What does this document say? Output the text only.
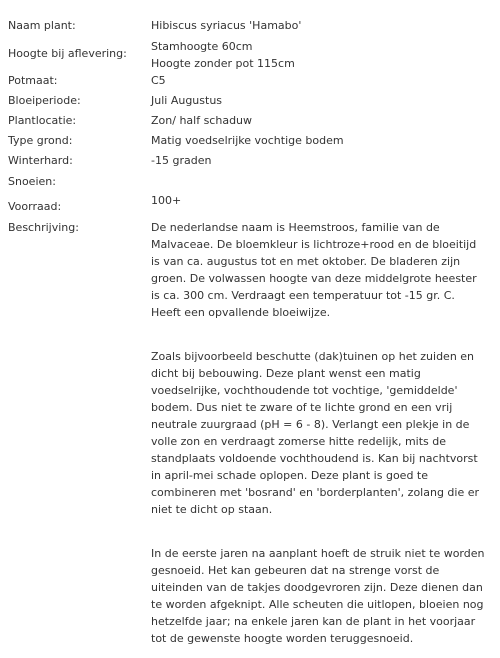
Naam plant:	Hibiscus syriacus 'Hamabo'
Hoogte bij aflevering:
Stamhoogte 60cm
Hoogte zonder pot 115cm
Potmaat:	C5
Bloeiperiode:	Juli Augustus
Plantlocatie:	Zon/ half schaduw
Type grond:	Matig voedselrijke vochtige bodem
Winterhard:	-15 graden
Snoeien:
Voorraad:	100+
Beschrijving:	De nederlandse naam is Heemstroos, familie van de
Malvaceae. De bloemkleur is lichtroze+rood en de bloeitijd
is van ca. augustus tot en met oktober. De bladeren zijn
groen. De volwassen hoogte van deze middelgrote heester
is ca. 300 cm. Verdraagt een temperatuur tot -15 gr. C.
Heeft een opvallende bloeiwijze.

Zoals bijvoorbeeld beschutte (dak)tuinen op het zuiden en
dicht bij bebouwing. Deze plant wenst een matig
voedselrijke, vochthoudende tot vochtige, 'gemiddelde'
bodem. Dus niet te zware of te lichte grond en een vrij
neutrale zuurgraad (pH = 6 - 8). Verlangt een plekje in de
volle zon en verdraagt zomerse hitte redelijk, mits de
standplaats voldoende vochthoudend is. Kan bij nachtvorst
in april-mei schade oplopen. Deze plant is goed te
combineren met 'bosrand' en 'borderplanten', zolang die er
niet te dicht op staan.

In de eerste jaren na aanplant hoeft de struik niet te worden
gesnoeid. Het kan gebeuren dat na strenge vorst de
uiteinden van de takjes doodgevroren zijn. Deze dienen dan
te worden afgeknipt. Alle scheuten die uitlopen, bloeien nog
hetzelfde jaar; na enkele jaren kan de plant in het voorjaar
tot de gewenste hoogte worden teruggesnoeid.
